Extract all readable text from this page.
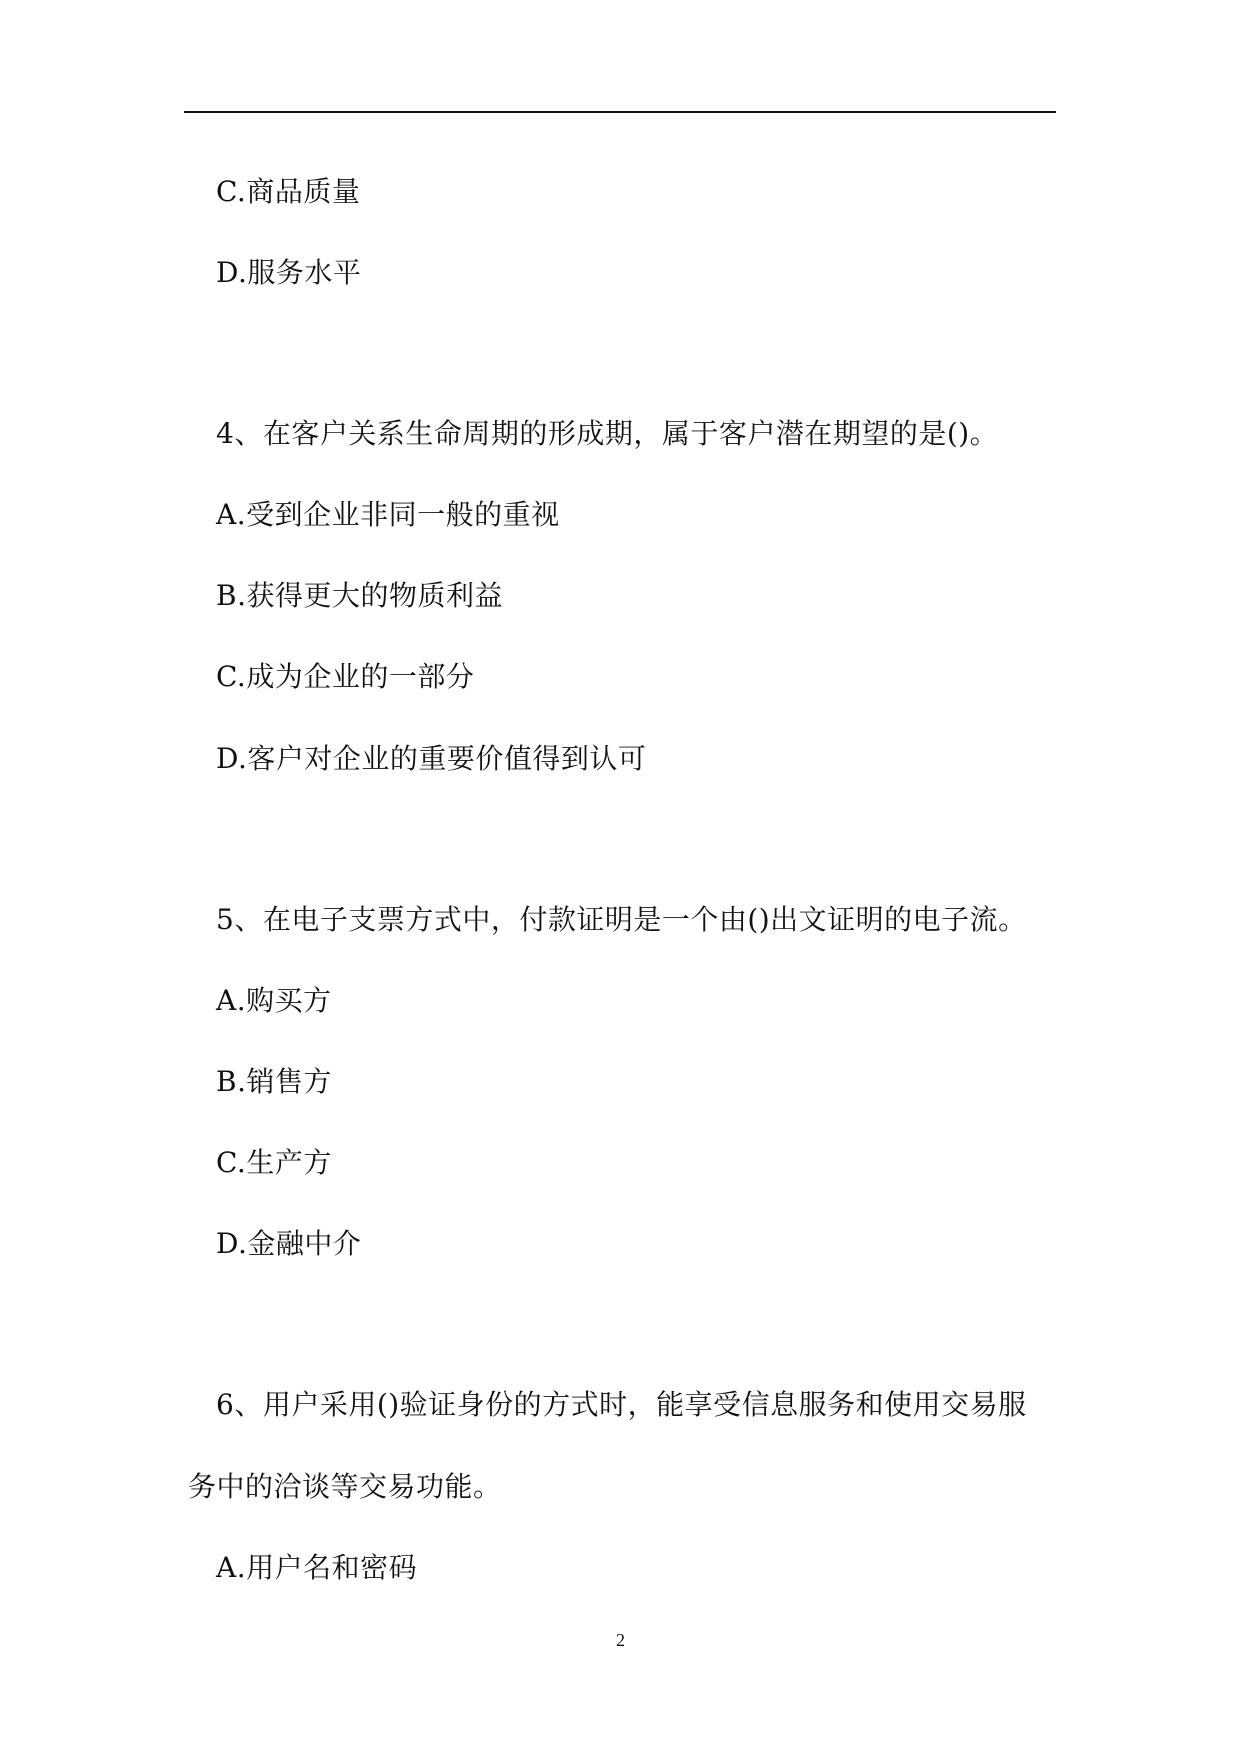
C.商品质量
D.服务水平
4、在客户关系生命周期的形成期，属于客户潜在期望的是()。
A.受到企业非同一般的重视
B.获得更大的物质利益
C.成为企业的一部分
D.客户对企业的重要价值得到认可
5、在电子支票方式中，付款证明是一个由()出文证明的电子流。
A.购买方
B.销售方
C.生产方
D.金融中介
6、用户采用()验证身份的方式时，能享受信息服务和使用交易服
务中的洽谈等交易功能。
A.用户名和密码
2
